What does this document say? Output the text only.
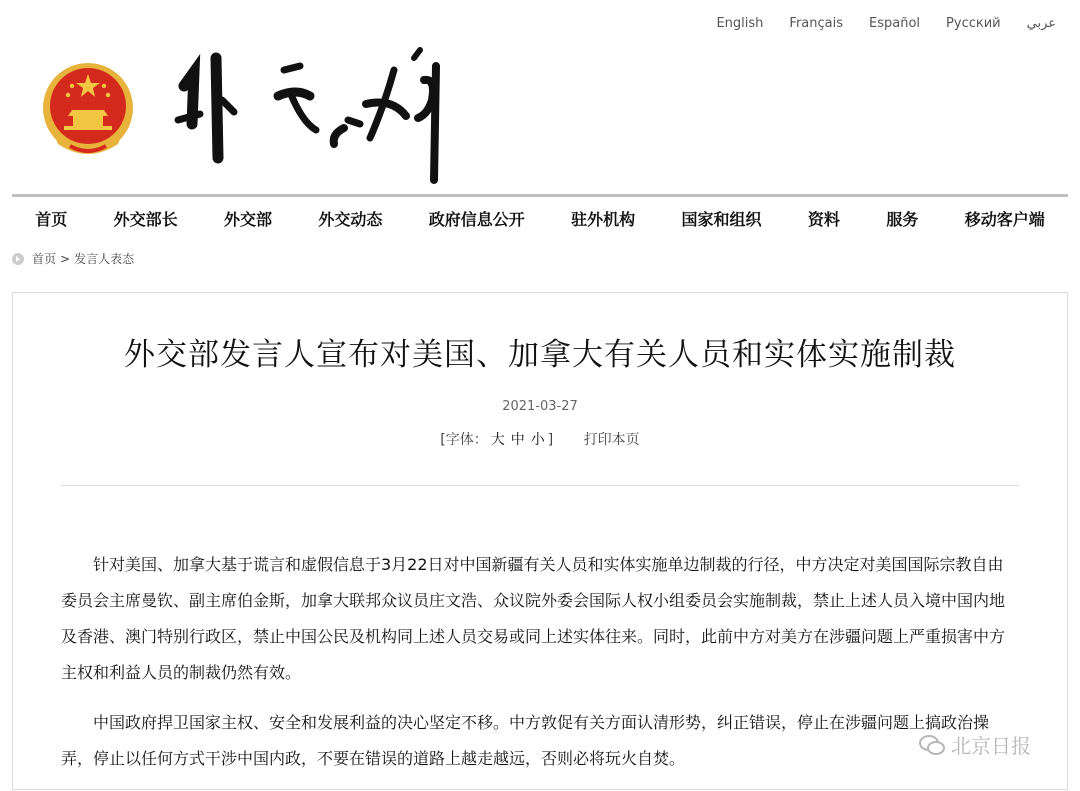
English Français Español Русский عربي
首页	外交部长	外交部	外交动态	政府信息公开	驻外机构	国家和组织	资料	服务	移动客户端
首页 > 发言人表态
外交部发言人宣布对美国、加拿大有关人员和实体实施制裁
2021-03-27
[字体： 大 中 小 ] 打印本页

针对美国、加拿大基于谎言和虚假信息于3月22日对中国新疆有关人员和实体实施单边制裁的行径，中方决定对美国国际宗教自由委员会主席曼钦、副主席伯金斯，加拿大联邦众议员庄文浩、众议院外委会国际人权小组委员会实施制裁，禁止上述人员入境中国内地及香港、澳门特别行政区，禁止中国公民及机构同上述人员交易或同上述实体往来。同时，此前中方对美方在涉疆问题上严重损害中方主权和利益人员的制裁仍然有效。

中国政府捍卫国家主权、安全和发展利益的决心坚定不移。中方敦促有关方面认清形势，纠正错误，停止在涉疆问题上搞政治操弄，停止以任何方式干涉中国内政，不要在错误的道路上越走越远，否则必将玩火自焚。

北京日报
